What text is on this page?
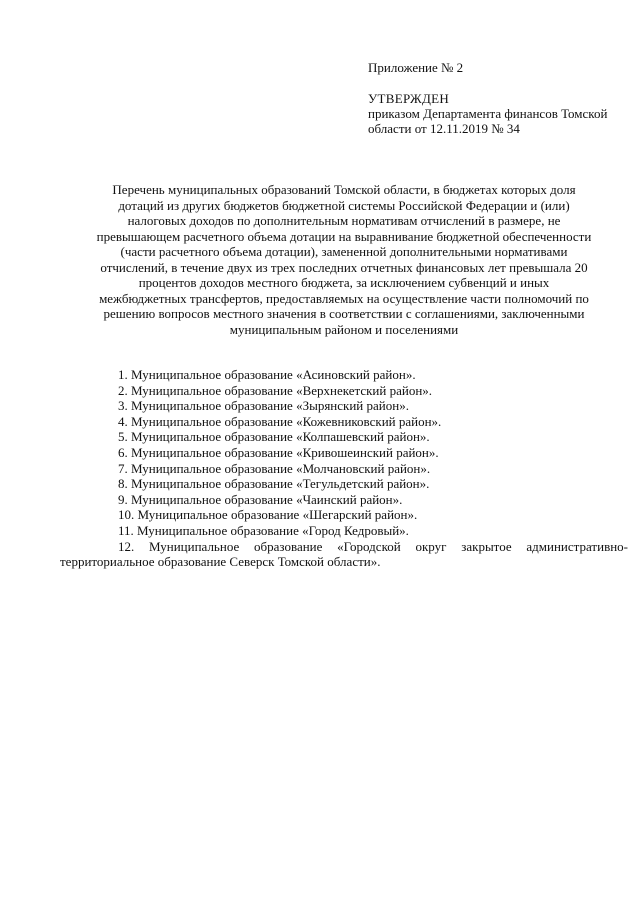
Приложение № 2
УТВЕРЖДЕН
приказом Департамента финансов Томской
области от 12.11.2019 № 34
Перечень муниципальных образований Томской области, в бюджетах которых доля
дотаций из других бюджетов бюджетной системы Российской Федерации и (или)
налоговых доходов по дополнительным нормативам отчислений в размере, не
превышающем расчетного объема дотации на выравнивание бюджетной обеспеченности
(части расчетного объема дотации), замененной дополнительными нормативами
отчислений, в течение двух из трех последних отчетных финансовых лет превышала 20
процентов доходов местного бюджета, за исключением субвенций и иных
межбюджетных трансфертов, предоставляемых на осуществление части полномочий по
решению вопросов местного значения в соответствии с соглашениями, заключенными
муниципальным районом и поселениями
1. Муниципальное образование «Асиновский район».
2. Муниципальное образование «Верхнекетский район».
3. Муниципальное образование «Зырянский район».
4. Муниципальное образование «Кожевниковский район».
5. Муниципальное образование «Колпашевский район».
6. Муниципальное образование «Кривошеинский район».
7. Муниципальное образование «Молчановский район».
8. Муниципальное образование «Тегульдетский район».
9. Муниципальное образование «Чаинский район».
10. Муниципальное образование «Шегарский район».
11. Муниципальное образование «Город Кедровый».
12. Муниципальное образование «Городской округ закрытое административно-территориальное образование Северск Томской области».
